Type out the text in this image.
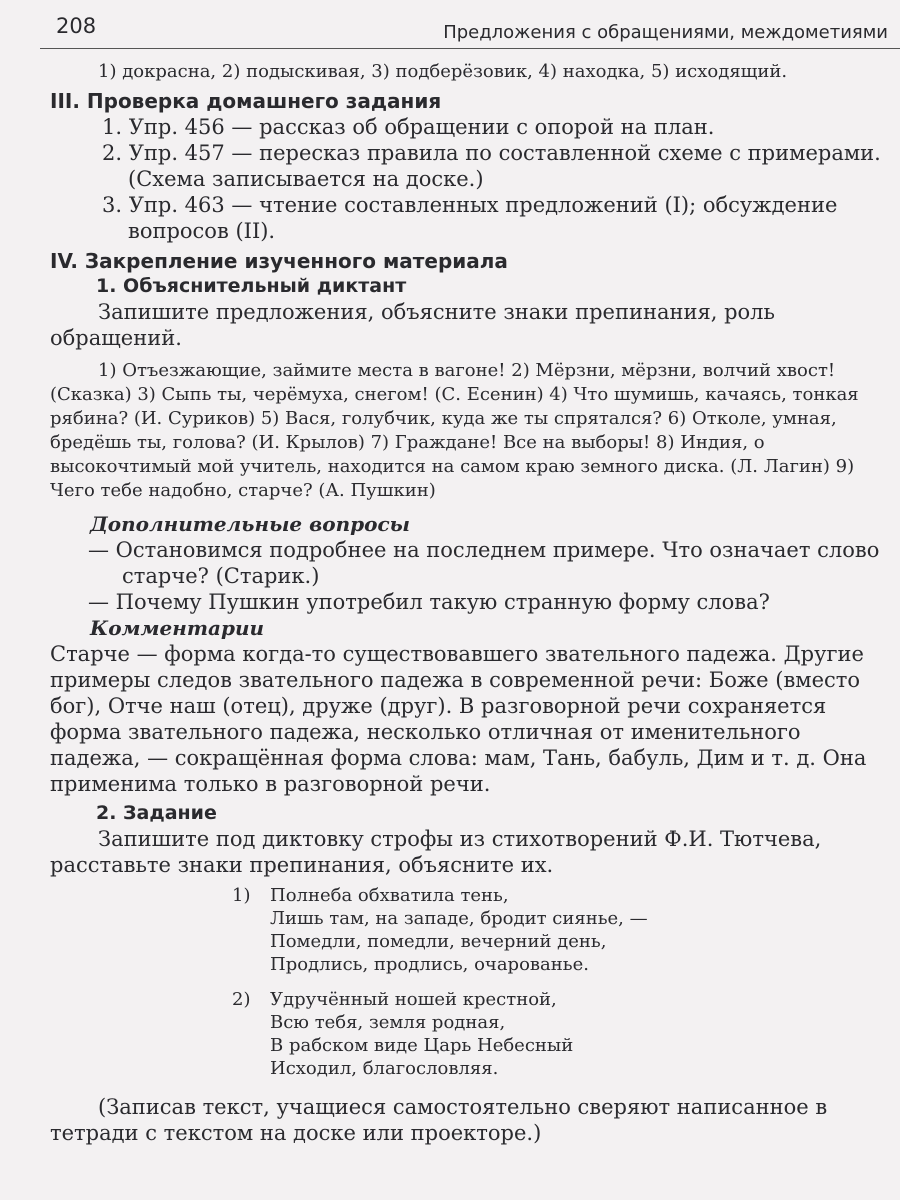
208	Предложения с обращениями, междометиями

1) докрасна, 2) подыскивая, 3) подберёзовик, 4) находка, 5) исходящий.

III. Проверка домашнего задания
1. Упр. 456 — рассказ об обращении с опорой на план.
2. Упр. 457 — пересказ правила по составленной схеме с примерами. (Схема записывается на доске.)
3. Упр. 463 — чтение составленных предложений (I); обсуждение вопросов (II).
IV. Закрепление изученного материала
1. Объяснительный диктант

Запишите предложения, объясните знаки препинания, роль обращений.

1) Отъезжающие, займите места в вагоне! 2) Мёрзни, мёрзни, волчий хвост! (Сказка) 3) Сыпь ты, черёмуха, снегом! (С. Есенин) 4) Что шумишь, качаясь, тонкая рябина? (И. Суриков) 5) Вася, голубчик, куда же ты спрятался? 6) Отколе, умная, бредёшь ты, голова? (И. Крылов) 7) Граждане! Все на выборы! 8) Индия, о высокочтимый мой учитель, находится на самом краю земного диска. (Л. Лагин) 9) Чего тебе надобно, старче? (А. Пушкин)

Дополнительные вопросы

— Остановимся подробнее на последнем примере. Что означает слово старче? (Старик.)

— Почему Пушкин употребил такую странную форму слова?

Комментарии

Старче — форма когда-то существовавшего звательного падежа. Другие примеры следов звательного падежа в современной речи: Боже (вместо бог), Отче наш (отец), друже (друг). В разговорной речи сохраняется форма звательного падежа, несколько отличная от именительного падежа, — сокращённая форма слова: мам, Тань, бабуль, Дим и т. д. Она применима только в разговорной речи.

2. Задание

Запишите под диктовку строфы из стихотворений Ф.И. Тютчева, расставьте знаки препинания, объясните их.

1) Полнеба обхватила тень,
Лишь там, на западе, бродит сиянье, —
Помедли, помедли, вечерний день,
Продлись, продлись, очарованье.
2) Удручённый ношей крестной,
Всю тебя, земля родная,
В рабском виде Царь Небесный
Исходил, благословляя.

(Записав текст, учащиеся самостоятельно сверяют написанное в тетради с текстом на доске или проекторе.)
